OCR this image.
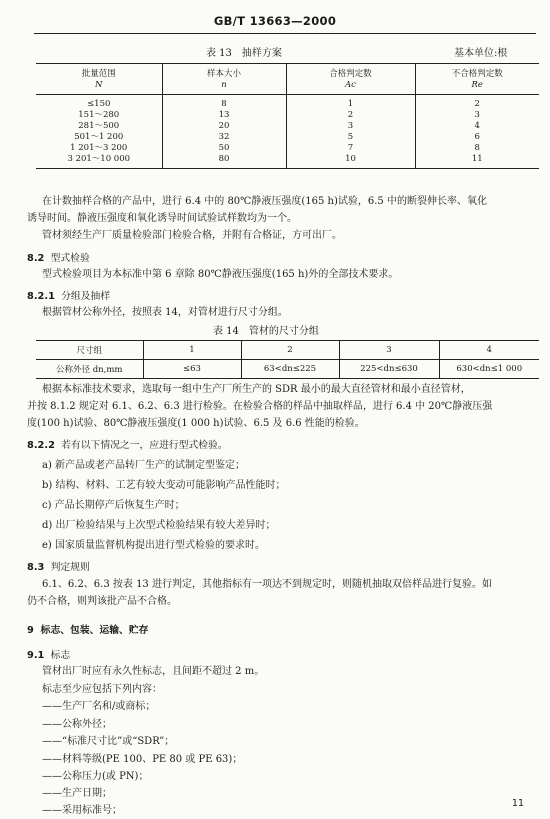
GB/T 13663—2000
表 13　抽样方案	基本单位:根
批量范围	样本大小	合格判定数	不合格判定数
N	n	Ac	Re
≤150	8	1	2
151～280	13	2	3
281～500	20	3	4
501～1 200	32	5	6
1 201～3 200	50	7	8
3 201～10 000	80	10	11
在计数抽样合格的产品中，进行 6.4 中的 80℃静液压强度(165 h)试验，6.5 中的断裂伸长率、氧化
诱导时间。静液压强度和氧化诱导时间试验试样数均为一个。
管材须经生产厂质量检验部门检验合格，并附有合格证，方可出厂。
8.2 型式检验
型式检验项目为本标准中第 6 章除 80℃静液压强度(165 h)外的全部技术要求。
8.2.1 分组及抽样
根据管材公称外径，按照表 14，对管材进行尺寸分组。
表 14　管材的尺寸分组
尺寸组	1	2	3	4
公称外径 dn,mm	≤63	63<dn≤225	225<dn≤630	630<dn≤1 000
根据本标准技术要求，选取每一组中生产厂所生产的 SDR 最小的最大直径管材和最小直径管材，
并按 8.1.2 规定对 6.1、6.2、6.3 进行检验。在检验合格的样品中抽取样品，进行 6.4 中 20℃静液压强
度(100 h)试验、80℃静液压强度(1 000 h)试验、6.5 及 6.6 性能的检验。
8.2.2 若有以下情况之一，应进行型式检验。
a) 新产品或老产品转厂生产的试制定型鉴定；
b) 结构、材料、工艺有较大变动可能影响产品性能时；
c) 产品长期停产后恢复生产时；
d) 出厂检验结果与上次型式检验结果有较大差异时；
e) 国家质量监督机构提出进行型式检验的要求时。
8.3 判定规则
6.1、6.2、6.3 按表 13 进行判定，其他指标有一项达不到规定时，则随机抽取双倍样品进行复验。如
仍不合格，则判该批产品不合格。
9 标志、包装、运输、贮存
9.1 标志
管材出厂时应有永久性标志，且间距不超过 2 m。
标志至少应包括下列内容：
——生产厂名和/或商标；
——公称外径；
——“标准尺寸比”或“SDR”；
——材料等级(PE 100、PE 80 或 PE 63)；
——公称压力(或 PN)；
——生产日期；
——采用标准号；
11
